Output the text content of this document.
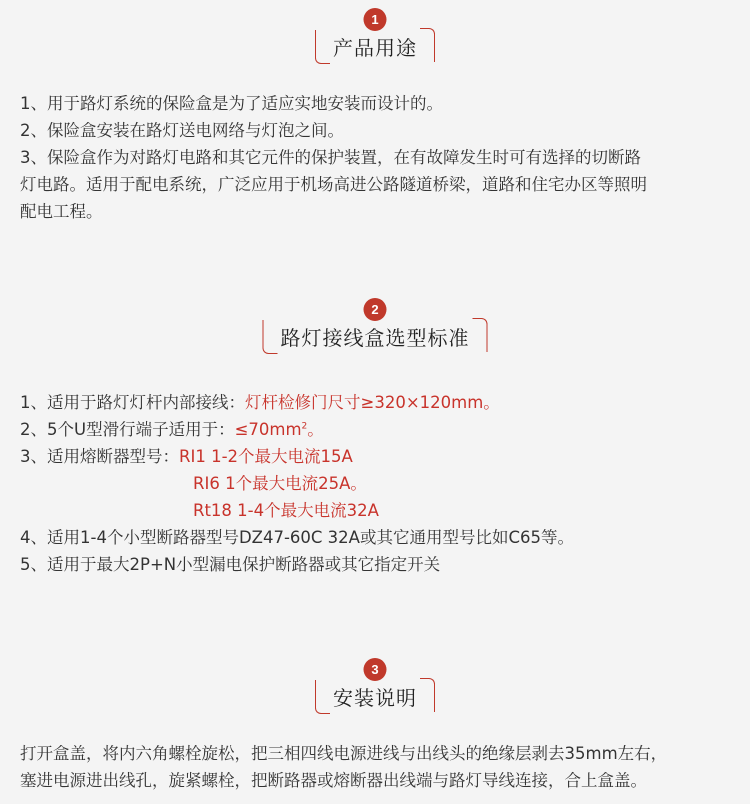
1
产品用途
1、用于路灯系统的保险盒是为了适应实地安装而设计的。
2、保险盒安装在路灯送电网络与灯泡之间。
3、保险盒作为对路灯电路和其它元件的保护装置，在有故障发生时可有选择的切断路
灯电路。适用于配电系统，广泛应用于机场高进公路隧道桥梁，道路和住宅办区等照明
配电工程。
2
路灯接线盒选型标准
1、适用于路灯灯杆内部接线：灯杆检修门尺寸≥320×120mm。
2、5个U型滑行端子适用于：$\le 70mm^2$。
3、适用熔断器型号：RI1 1-2个最大电流15A
RI6 1个最大电流25A。
Rt18 1-4个最大电流32A
4、适用1-4个小型断路器型号DZ47-60C 32A或其它通用型号比如C65等。
5、适用于最大2P+N小型漏电保护断路器或其它指定开关
3
安装说明
打开盒盖，将内六角螺栓旋松，把三相四线电源进线与出线头的绝缘层剥去35mm左右，
塞进电源进出线孔，旋紧螺栓，把断路器或熔断器出线端与路灯导线连接，合上盒盖。
